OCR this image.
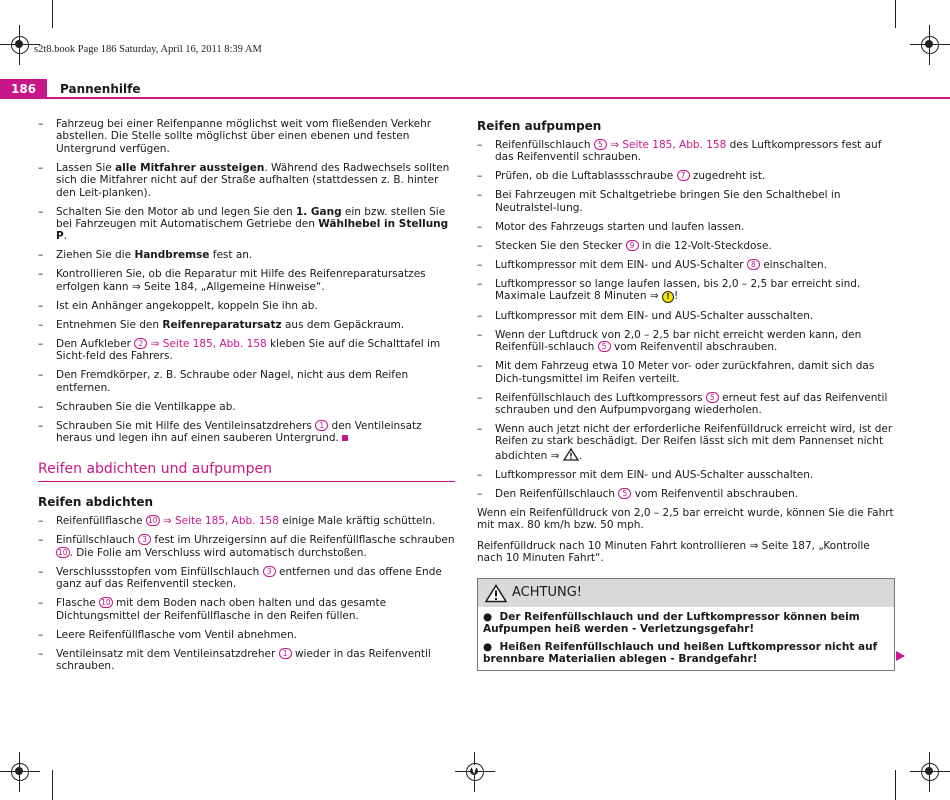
s2t8.book Page 186 Saturday, April 16, 2011 8:39 AM
186	Pannenhilfe
– Fahrzeug bei einer Reifenpanne möglichst weit vom fließenden Verkehr abstellen. Die Stelle sollte möglichst über einen ebenen und festen Untergrund verfügen.
– Lassen Sie alle Mitfahrer aussteigen. Während des Radwechsels sollten sich die Mitfahrer nicht auf der Straße aufhalten (stattdessen z. B. hinter den Leit-planken).
– Schalten Sie den Motor ab und legen Sie den 1. Gang ein bzw. stellen Sie bei Fahrzeugen mit Automatischem Getriebe den Wählhebel in Stellung P.
– Ziehen Sie die Handbremse fest an.
– Kontrollieren Sie, ob die Reparatur mit Hilfe des Reifenreparatursatzes erfolgen kann ⇒ Seite 184, „Allgemeine Hinweise“.
– Ist ein Anhänger angekoppelt, koppeln Sie ihn ab.
– Entnehmen Sie den Reifenreparatursatz aus dem Gepäckraum.
– Den Aufkleber 2 ⇒ Seite 185, Abb. 158 kleben Sie auf die Schalttafel im Sicht-feld des Fahrers.
– Den Fremdkörper, z. B. Schraube oder Nagel, nicht aus dem Reifen entfernen.
– Schrauben Sie die Ventilkappe ab.
– Schrauben Sie mit Hilfe des Ventileinsatzdrehers 1 den Ventileinsatz heraus und legen ihn auf einen sauberen Untergrund.
Reifen abdichten und aufpumpen
Reifen abdichten
– Reifenfüllflasche 10 ⇒ Seite 185, Abb. 158 einige Male kräftig schütteln.
– Einfüllschlauch 3 fest im Uhrzeigersinn auf die Reifenfüllflasche schrauben 10 . Die Folie am Verschluss wird automatisch durchstoßen.
– Verschlussstopfen vom Einfüllschlauch 3 entfernen und das offene Ende ganz auf das Reifenventil stecken.
– Flasche 10 mit dem Boden nach oben halten und das gesamte Dichtungsmittel der Reifenfüllflasche in den Reifen füllen.
– Leere Reifenfüllflasche vom Ventil abnehmen.
– Ventileinsatz mit dem Ventileinsatzdreher 1 wieder in das Reifenventil schrauben.
Reifen aufpumpen
– Reifenfüllschlauch 5 ⇒ Seite 185, Abb. 158 des Luftkompressors fest auf das Reifenventil schrauben.
– Prüfen, ob die Luftablassschraube 7 zugedreht ist.
– Bei Fahrzeugen mit Schaltgetriebe bringen Sie den Schalthebel in Neutralstel-lung.
– Motor des Fahrzeugs starten und laufen lassen.
– Stecken Sie den Stecker 9 in die 12-Volt-Steckdose.
– Luftkompressor mit dem EIN- und AUS-Schalter 8 einschalten.
– Luftkompressor so lange laufen lassen, bis 2,0 – 2,5 bar erreicht sind. Maximale Laufzeit 8 Minuten ⇒ ! !
– Luftkompressor mit dem EIN- und AUS-Schalter ausschalten.
– Wenn der Luftdruck von 2,0 – 2,5 bar nicht erreicht werden kann, den Reifenfüll-schlauch 5 vom Reifenventil abschrauben.
– Mit dem Fahrzeug etwa 10 Meter vor- oder zurückfahren, damit sich das Dich-tungsmittel im Reifen verteilt.
– Reifenfüllschlauch des Luftkompressors 5 erneut fest auf das Reifenventil schrauben und den Aufpumpvorgang wiederholen.
– Wenn auch jetzt nicht der erforderliche Reifenfülldruck erreicht wird, ist der Reifen zu stark beschädigt. Der Reifen lässt sich mit dem Pannenset nicht abdichten ⇒ .
– Luftkompressor mit dem EIN- und AUS-Schalter ausschalten.
– Den Reifenfüllschlauch 5 vom Reifenventil abschrauben.
Wenn ein Reifenfülldruck von 2,0 – 2,5 bar erreicht wurde, können Sie die Fahrt mit max. 80 km/h bzw. 50 mph.
Reifenfülldruck nach 10 Minuten Fahrt kontrollieren ⇒ Seite 187, „Kontrolle nach 10 Minuten Fahrt“.
ACHTUNG!
●  Der Reifenfüllschlauch und der Luftkompressor können beim Aufpumpen heiß werden - Verletzungsgefahr!
●  Heißen Reifenfüllschlauch und heißen Luftkompressor nicht auf brennbare Materialien ablegen - Brandgefahr!
